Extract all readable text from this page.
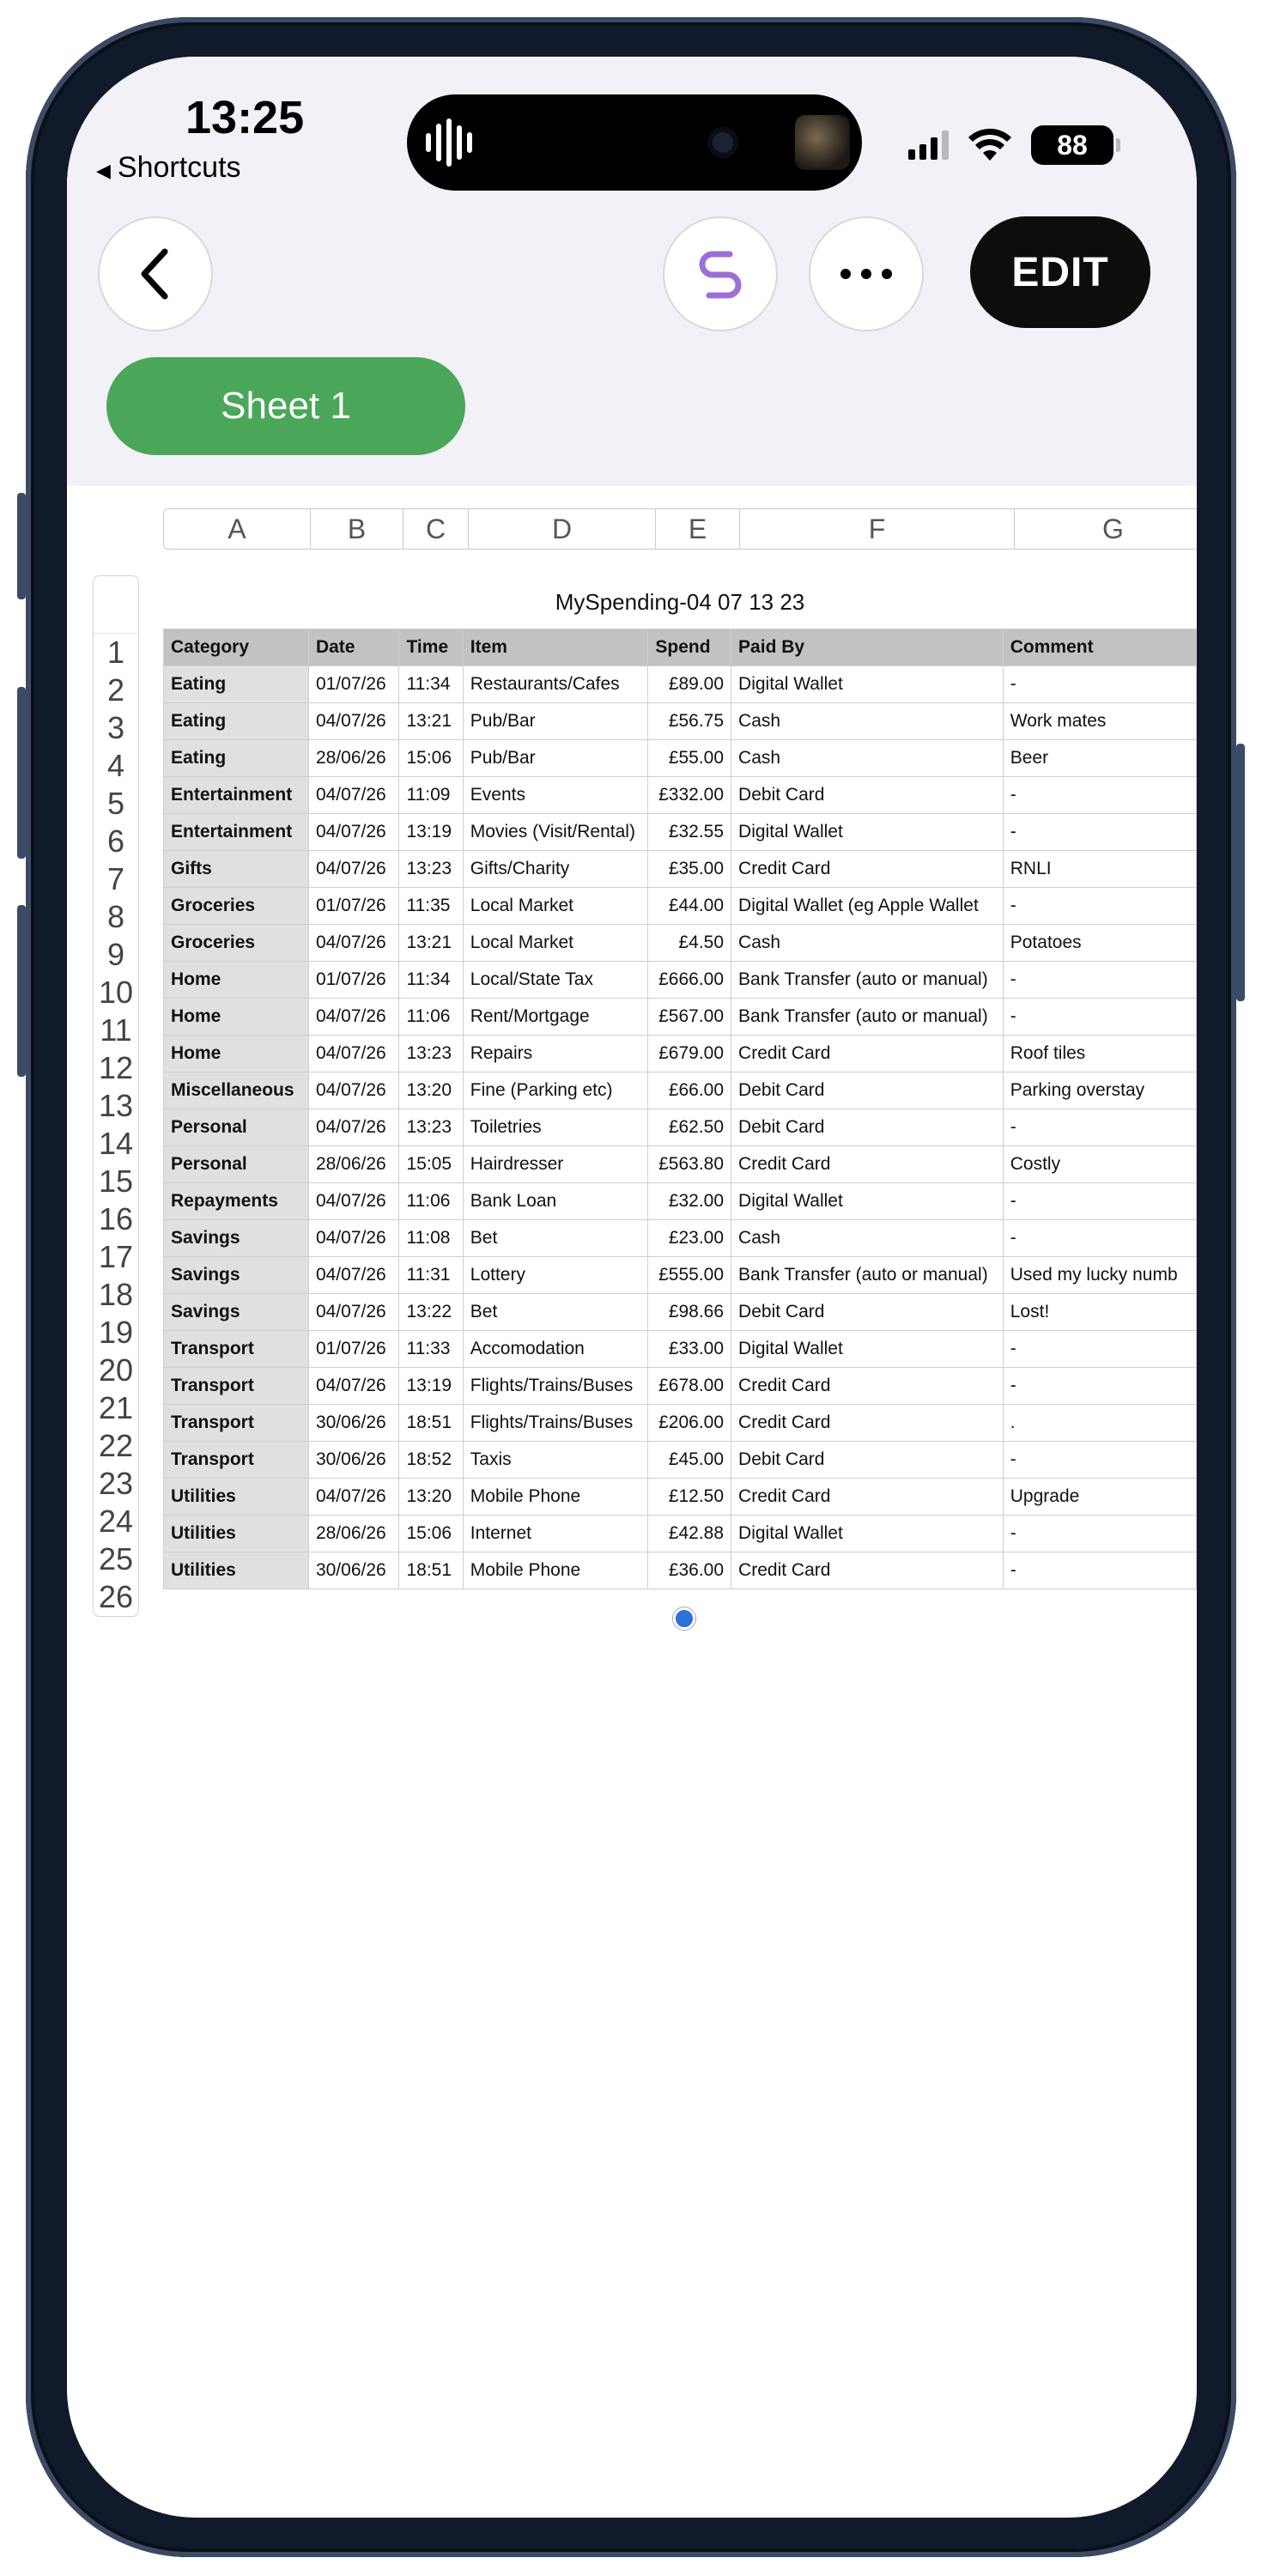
13:25
◀ Shortcuts
88
EDIT
Sheet 1
A	B	C	D	E	F	G
1
2
3
4
5
6
7
8
9
10
11
12
13
14
15
16
17
18
19
20
21
22
23
24
25
26
MySpending-04 07 13 23
Category	Date	Time	Item	Spend	Paid By	Comment
Eating	01/07/26	11:34	Restaurants/Cafes	£89.00	Digital Wallet	-
Eating	04/07/26	13:21	Pub/Bar	£56.75	Cash	Work mates
Eating	28/06/26	15:06	Pub/Bar	£55.00	Cash	Beer
Entertainment	04/07/26	11:09	Events	£332.00	Debit Card	-
Entertainment	04/07/26	13:19	Movies (Visit/Rental)	£32.55	Digital Wallet	-
Gifts	04/07/26	13:23	Gifts/Charity	£35.00	Credit Card	RNLI
Groceries	01/07/26	11:35	Local Market	£44.00	Digital Wallet (eg Apple Wallet	-
Groceries	04/07/26	13:21	Local Market	£4.50	Cash	Potatoes
Home	01/07/26	11:34	Local/State Tax	£666.00	Bank Transfer (auto or manual)	-
Home	04/07/26	11:06	Rent/Mortgage	£567.00	Bank Transfer (auto or manual)	-
Home	04/07/26	13:23	Repairs	£679.00	Credit Card	Roof tiles
Miscellaneous	04/07/26	13:20	Fine (Parking etc)	£66.00	Debit Card	Parking overstay
Personal	04/07/26	13:23	Toiletries	£62.50	Debit Card	-
Personal	28/06/26	15:05	Hairdresser	£563.80	Credit Card	Costly
Repayments	04/07/26	11:06	Bank Loan	£32.00	Digital Wallet	-
Savings	04/07/26	11:08	Bet	£23.00	Cash	-
Savings	04/07/26	11:31	Lottery	£555.00	Bank Transfer (auto or manual)	Used my lucky numb
Savings	04/07/26	13:22	Bet	£98.66	Debit Card	Lost!
Transport	01/07/26	11:33	Accomodation	£33.00	Digital Wallet	-
Transport	04/07/26	13:19	Flights/Trains/Buses	£678.00	Credit Card	-
Transport	30/06/26	18:51	Flights/Trains/Buses	£206.00	Credit Card	.
Transport	30/06/26	18:52	Taxis	£45.00	Debit Card	-
Utilities	04/07/26	13:20	Mobile Phone	£12.50	Credit Card	Upgrade
Utilities	28/06/26	15:06	Internet	£42.88	Digital Wallet	-
Utilities	30/06/26	18:51	Mobile Phone	£36.00	Credit Card	-
